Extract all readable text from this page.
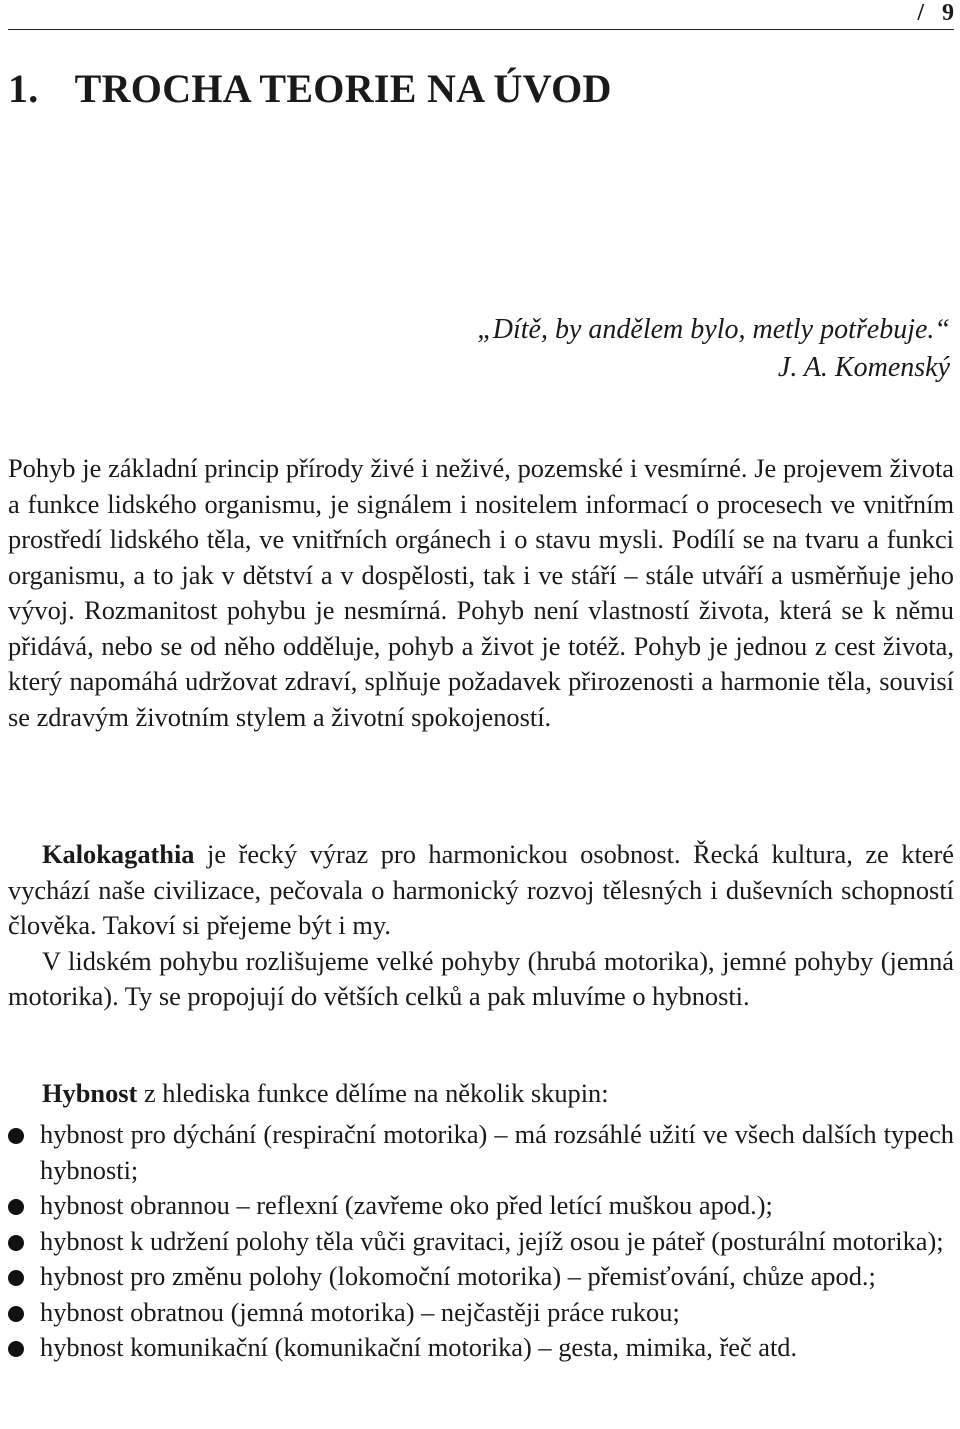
/   9
1. TROCHA TEORIE NA ÚVOD
„Dítě, by andělem bylo, metly potřebuje.“
J. A. Komenský

Pohyb je základní princip přírody živé i neživé, pozemské i vesmírné. Je projevem života a funkce lidského organismu, je signálem i nositelem informací o procesech ve vnitřním prostředí lidského těla, ve vnitřních orgánech i o stavu mysli. Podílí se na tvaru a funkci organismu, a to jak v dětství a v dospělosti, tak i ve stáří – stále utváří a usměrňuje jeho vývoj. Rozmanitost pohybu je nesmírná. Pohyb není vlastností života, která se k němu přidává, nebo se od něho odděluje, pohyb a život je totéž. Pohyb je jednou z cest života, který napomáhá udržovat zdraví, splňuje požadavek přirozenosti a harmonie těla, souvisí se zdravým životním stylem a životní spokojeností.

Kalokagathia je řecký výraz pro harmonickou osobnost. Řecká kultura, ze které vychází naše civilizace, pečovala o harmonický rozvoj tělesných i duševních schopností člověka. Takoví si přejeme být i my.
V lidském pohybu rozlišujeme velké pohyby (hrubá motorika), jemné pohyby (jemná motorika). Ty se propojují do větších celků a pak mluvíme o hybnosti.

Hybnost z hlediska funkce dělíme na několik skupin:

hybnost pro dýchání (respirační motorika) – má rozsáhlé užití ve všech dalších typech hybnosti;
hybnost obrannou – reflexní (zavřeme oko před letící muškou apod.);
hybnost k udržení polohy těla vůči gravitaci, jejíž osou je páteř (posturální motorika);
hybnost pro změnu polohy (lokomoční motorika) – přemisťování, chůze apod.;
hybnost obratnou (jemná motorika) – nejčastěji práce rukou;
hybnost komunikační (komunikační motorika) – gesta, mimika, řeč atd.
